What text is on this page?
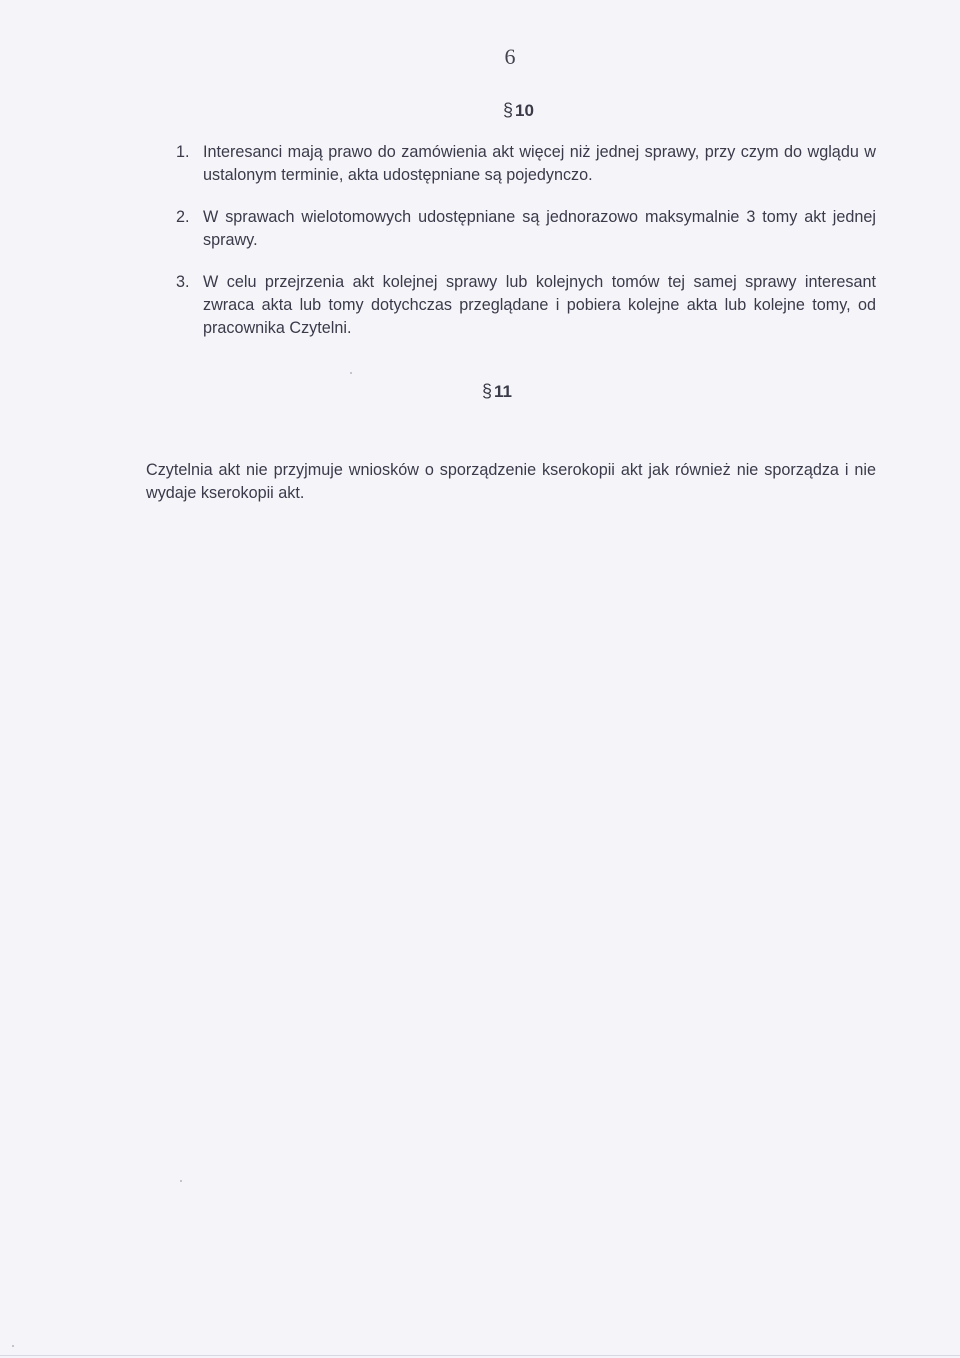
6
§ 10
1. Interesanci mają prawo do zamówienia akt więcej niż jednej sprawy, przy czym do wglądu w ustalonym terminie, akta udostępniane są pojedynczo.
2. W sprawach wielotomowych udostępniane są jednorazowo maksymalnie 3 tomy akt jednej sprawy.
3. W celu przejrzenia akt kolejnej sprawy lub kolejnych tomów tej samej sprawy interesant zwraca akta lub tomy dotychczas przeglądane i pobiera kolejne akta lub kolejne tomy, od pracownika Czytelni.
§ 11

Czytelnia akt nie przyjmuje wniosków o sporządzenie kserokopii akt jak również nie sporządza i nie wydaje kserokopii akt.
